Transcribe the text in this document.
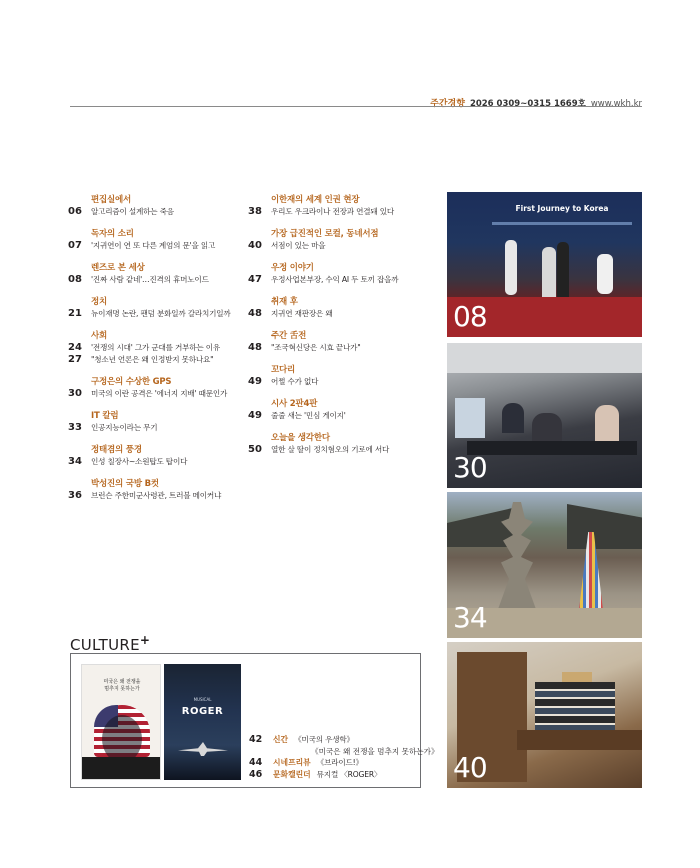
주간경향 2026 0309~0315 1669호 www.wkh.kr
편집실에서
06	알고리즘이 설계하는 죽음
독자의 소리
07	'지귀연이 연 또 다른 계엄의 문'을 읽고
렌즈로 본 세상
08	'진짜 사람 같네'…진격의 휴머노이드
정치
21	뉴이재명 논란, 팬덤 분화일까 갈라치기일까
사회
24	'전쟁의 시대' 그가 군대를 거부하는 이유
27	"청소년 언론은 왜 인정받지 못하나요"
구정은의 수상한 GPS
30	미국의 이란 공격은 '에너지 지배' 때문인가
IT 칼럼
33	인공지능이라는 무기
정태겸의 풍경
34	인성 칠장사~소원탑도 탑이다
박성진의 국방 B컷
36	브런슨 주한미군사령관, 트러블 메이커냐
이한재의 세계 인권 현장
38	우리도 우크라이나 전장과 연결돼 있다
가장 급진적인 로컬, 동네서점
40	서점이 있는 마을
우정 이야기
47	우정사업본부장, 수익 AI 두 토끼 잡을까
취재 후
48	지귀연 재판장은 왜
주간 舌전
48	"조국혁신당은 시효 끝나가"
꼬다리
49	어쩔 수가 없다
시사 2판4판
49	줄줄 새는 '민심 게이지'
오늘을 생각한다
50	열한 살 딸이 정치혐오의 기로에 서다
First Journey to Korea
08
30
34
40
CULTURE+
미국은 왜 전쟁을
멈추지 못하는가
MUSICAL
ROGER
42	신간 《미국의 우생학》
《미국은 왜 전쟁을 멈추지 못하는가》
44	시네프리뷰 《브라이드!》
46	문화캘린더 뮤지컬 〈ROGER〉
